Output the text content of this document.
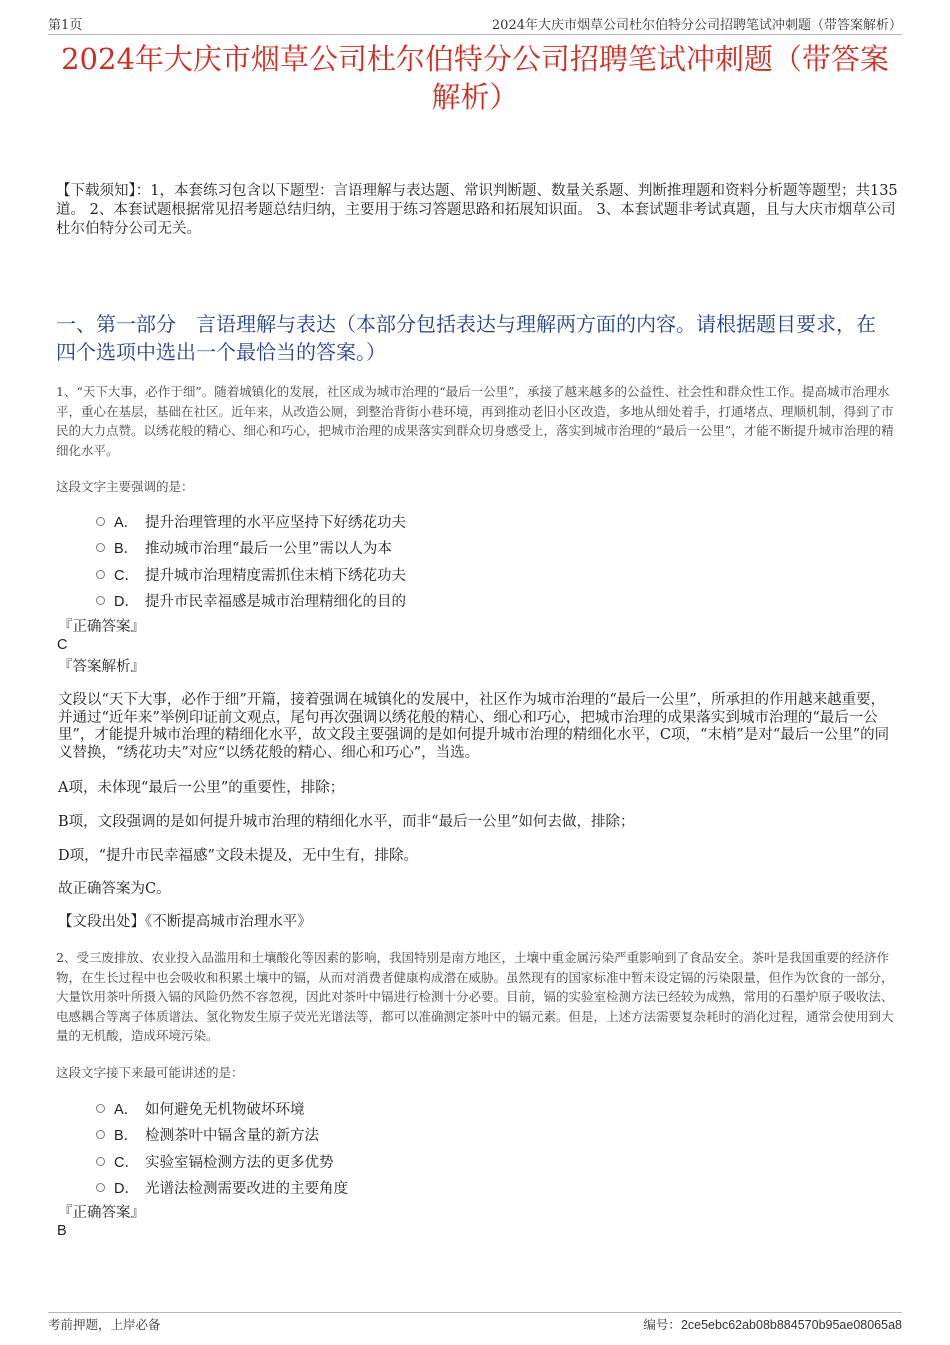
第1页	2024年大庆市烟草公司杜尔伯特分公司招聘笔试冲刺题（带答案解析）
2024年大庆市烟草公司杜尔伯特分公司招聘笔试冲刺题（带答案解析）
【下载须知】：1，本套练习包含以下题型：言语理解与表达题、常识判断题、数量关系题、判断推理题和资料分析题等题型；共135道。 2、本套试题根据常见招考题总结归纳，主要用于练习答题思路和拓展知识面。 3、本套试题非考试真题，且与大庆市烟草公司杜尔伯特分公司无关。
一、第一部分　言语理解与表达（本部分包括表达与理解两方面的内容。请根据题目要求，在四个选项中选出一个最恰当的答案。）
1、“天下大事，必作于细”。随着城镇化的发展，社区成为城市治理的“最后一公里”，承接了越来越多的公益性、社会性和群众性工作。提高城市治理水平，重心在基层，基础在社区。近年来，从改造公厕，到整治背街小巷环境，再到推动老旧小区改造，多地从细处着手，打通堵点、理顺机制，得到了市民的大力点赞。以绣花般的精心、细心和巧心，把城市治理的成果落实到群众切身感受上，落实到城市治理的“最后一公里”，才能不断提升城市治理的精细化水平。
这段文字主要强调的是：
A． 提升治理管理的水平应坚持下好绣花功夫
B． 推动城市治理“最后一公里”需以人为本
C． 提升城市治理精度需抓住末梢下绣花功夫
D． 提升市民幸福感是城市治理精细化的目的
『正确答案』
C
『答案解析』
文段以“天下大事，必作于细”开篇，接着强调在城镇化的发展中，社区作为城市治理的“最后一公里”，所承担的作用越来越重要，并通过“近年来”举例印证前文观点，尾句再次强调以绣花般的精心、细心和巧心，把城市治理的成果落实到城市治理的“最后一公里”，才能提升城市治理的精细化水平，故文段主要强调的是如何提升城市治理的精细化水平，C项，“末梢”是对“最后一公里”的同义替换，“绣花功夫”对应“以绣花般的精心、细心和巧心”，当选。
A项，未体现“最后一公里”的重要性，排除；
B项，文段强调的是如何提升城市治理的精细化水平，而非“最后一公里”如何去做，排除；
D项，“提升市民幸福感”文段未提及，无中生有，排除。
故正确答案为C。
【文段出处】《不断提高城市治理水平》
2、受三废排放、农业投入品滥用和土壤酸化等因素的影响，我国特别是南方地区，土壤中重金属污染严重影响到了食品安全。茶叶是我国重要的经济作物，在生长过程中也会吸收和积累土壤中的镉，从而对消费者健康构成潜在威胁。虽然现有的国家标准中暂未设定镉的污染限量，但作为饮食的一部分，大量饮用茶叶所摄入镉的风险仍然不容忽视，因此对茶叶中镉进行检测十分必要。目前，镉的实验室检测方法已经较为成熟，常用的石墨炉原子吸收法、电感耦合等离子体质谱法、氢化物发生原子荧光光谱法等，都可以准确测定茶叶中的镉元素。但是，上述方法需要复杂耗时的消化过程，通常会使用到大量的无机酸，造成环境污染。
这段文字接下来最可能讲述的是：
A． 如何避免无机物破坏环境
B． 检测茶叶中镉含量的新方法
C． 实验室镉检测方法的更多优势
D． 光谱法检测需要改进的主要角度
『正确答案』
B
考前押题，上岸必备	编号：2ce5ebc62ab08b884570b95ae08065a8
